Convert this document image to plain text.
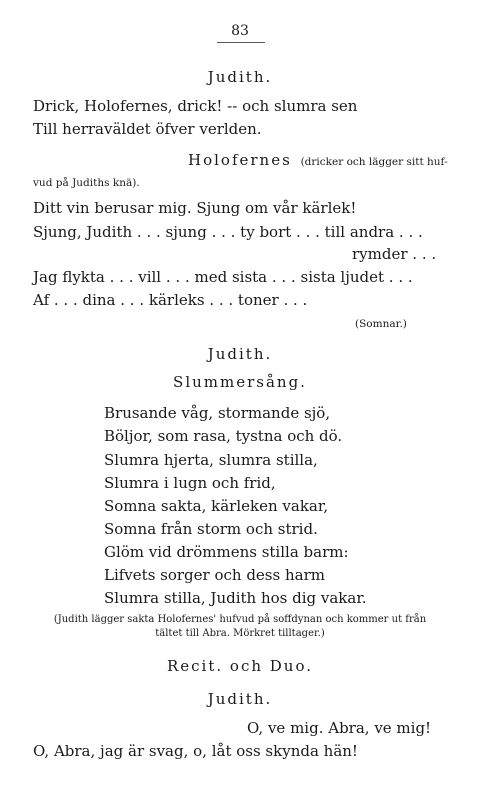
83
Judith.
Drick, Holofernes, drick! -- och slumra sen
Till herraväldet öfver verlden.
Holofernes (dricker och lägger sitt huf-
vud på Judiths knä).
Ditt vin berusar mig. Sjung om vår kärlek!
Sjung, Judith . . . sjung . . . ty bort . . . till andra . . .
rymder . . .
Jag flykta . . . vill . . . med sista . . . sista ljudet . . .
Af . . . dina . . . kärleks . . . toner . . .
(Somnar.)
Judith.
Slummersång.
Brusande våg, stormande sjö,
Böljor, som rasa, tystna och dö.
Slumra hjerta, slumra stilla,
Slumra i lugn och frid,
Somna sakta, kärleken vakar,
Somna från storm och strid.
Glöm vid drömmens stilla barm:
Lifvets sorger och dess harm
Slumra stilla, Judith hos dig vakar.
(Judith lägger sakta Holofernes' hufvud på soffdynan och kommer ut från
tältet till Abra. Mörkret tilltager.)
Recit. och Duo.
Judith.
O, ve mig. Abra, ve mig!
O, Abra, jag är svag, o, låt oss skynda hän!
